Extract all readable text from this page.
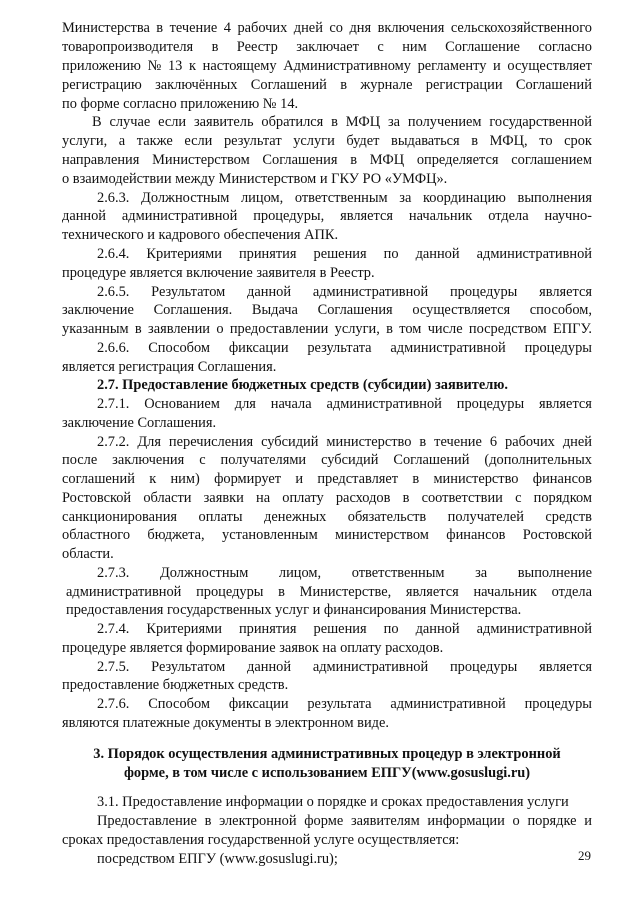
Министерства в течение 4 рабочих дней со дня включения сельскохозяйственного
товаропроизводителя в Реестр заключает с ним Соглашение согласно
приложению № 13 к настоящему Административному регламенту и осуществляет
регистрацию заключённых Соглашений в журнале регистрации Соглашений
по форме согласно приложению № 14.
В случае если заявитель обратился в МФЦ за получением государственной
услуги, а также если результат услуги будет выдаваться в МФЦ, то срок
направления Министерством Соглашения в МФЦ определяется соглашением
о взаимодействии между Министерством и ГКУ РО «УМФЦ».
2.6.3. Должностным лицом, ответственным за координацию выполнения
данной административной процедуры, является начальник отдела научно-
технического и кадрового обеспечения АПК.
2.6.4. Критериями принятия решения по данной административной
процедуре является включение заявителя в Реестр.
2.6.5. Результатом данной административной процедуры является
заключение Соглашения. Выдача Соглашения осуществляется способом,
указанным в заявлении о предоставлении услуги, в том числе посредством ЕПГУ.
2.6.6. Способом фиксации результата административной процедуры
является регистрация Соглашения.
2.7. Предоставление бюджетных средств (субсидии) заявителю.
2.7.1. Основанием для начала административной процедуры является
заключение Соглашения.
2.7.2. Для перечисления субсидий министерство в течение 6 рабочих дней
после заключения с получателями субсидий Соглашений (дополнительных
соглашений к ним) формирует и представляет в министерство финансов
Ростовской области заявки на оплату расходов в соответствии с порядком
санкционирования оплаты денежных обязательств получателей средств
областного бюджета, установленным министерством финансов Ростовской
области.
2.7.3. Должностным лицом, ответственным за выполнение
административной процедуры в Министерстве, является начальник отдела
предоставления государственных услуг и финансирования Министерства.
2.7.4. Критериями принятия решения по данной административной
процедуре является формирование заявок на оплату расходов.
2.7.5. Результатом данной административной процедуры является
предоставление бюджетных средств.
2.7.6. Способом фиксации результата административной процедуры
являются платежные документы в электронном виде.
3. Порядок осуществления административных процедур в электронной
форме, в том числе с использованием ЕПГУ(www.gosuslugi.ru)
3.1. Предоставление информации о порядке и сроках предоставления услуги
Предоставление в электронной форме заявителям информации о порядке и
сроках предоставления государственной услуге осуществляется:
посредством ЕПГУ (www.gosuslugi.ru);	29
